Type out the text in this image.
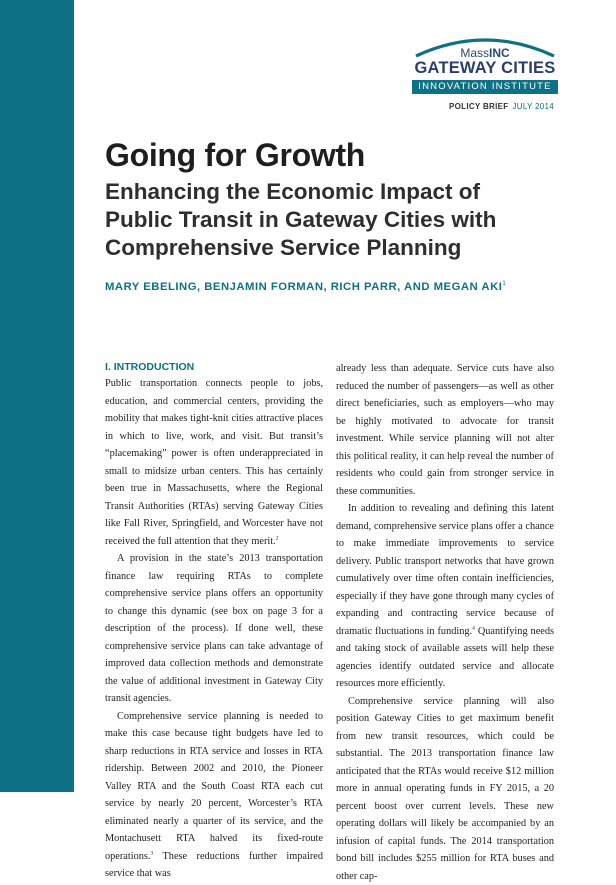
MassINC
GATEWAY CITIES
INNOVATION INSTITUTE
POLICY BRIEF JULY 2014
Going for Growth
Enhancing the Economic Impact of Public Transit in Gateway Cities with Comprehensive Service Planning
MARY EBELING, BENJAMIN FORMAN, RICH PARR, AND MEGAN AKI$^1$
I. INTRODUCTION

Public transportation connects people to jobs, education, and commercial centers, providing the mobility that makes tight-knit cities attractive places in which to live, work, and visit. But transit’s “placemaking” power is often underappreciated in small to midsize urban centers. This has certainly been true in Massachusetts, where the Regional Transit Authorities (RTAs) serving Gateway Cities like Fall River, Springfield, and Worcester have not received the full attention that they merit.$^2$

A provision in the state’s 2013 transportation finance law requiring RTAs to complete comprehensive service plans offers an opportunity to change this dynamic (see box on page 3 for a description of the process). If done well, these comprehensive service plans can take advantage of improved data collection methods and demonstrate the value of additional investment in Gateway City transit agencies.

Comprehensive service planning is needed to make this case because tight budgets have led to sharp reductions in RTA service and losses in RTA ridership. Between 2002 and 2010, the Pioneer Valley RTA and the South Coast RTA each cut service by nearly 20 percent, Worcester’s RTA eliminated nearly a quarter of its service, and the Montachusett RTA halved its fixed-route operations.$^3$ These reductions further impaired service that was

already less than adequate. Service cuts have also reduced the number of passengers—as well as other direct beneficiaries, such as employers—who may be highly motivated to advocate for transit investment. While service planning will not alter this political reality, it can help reveal the number of residents who could gain from stronger service in these communities.

In addition to revealing and defining this latent demand, comprehensive service plans offer a chance to make immediate improvements to service delivery. Public transport networks that have grown cumulatively over time often contain inefficiencies, especially if they have gone through many cycles of expanding and contracting service because of dramatic fluctuations in funding.$^4$ Quantifying needs and taking stock of available assets will help these agencies identify outdated service and allocate resources more efficiently.

Comprehensive service planning will also position Gateway Cities to get maximum benefit from new transit resources, which could be substantial. The 2013 transportation finance law anticipated that the RTAs would receive $12 million more in annual operating funds in FY 2015, a 20 percent boost over current levels. These new operating dollars will likely be accompanied by an infusion of capital funds. The 2014 transportation bond bill includes $255 million for RTA buses and other cap-
